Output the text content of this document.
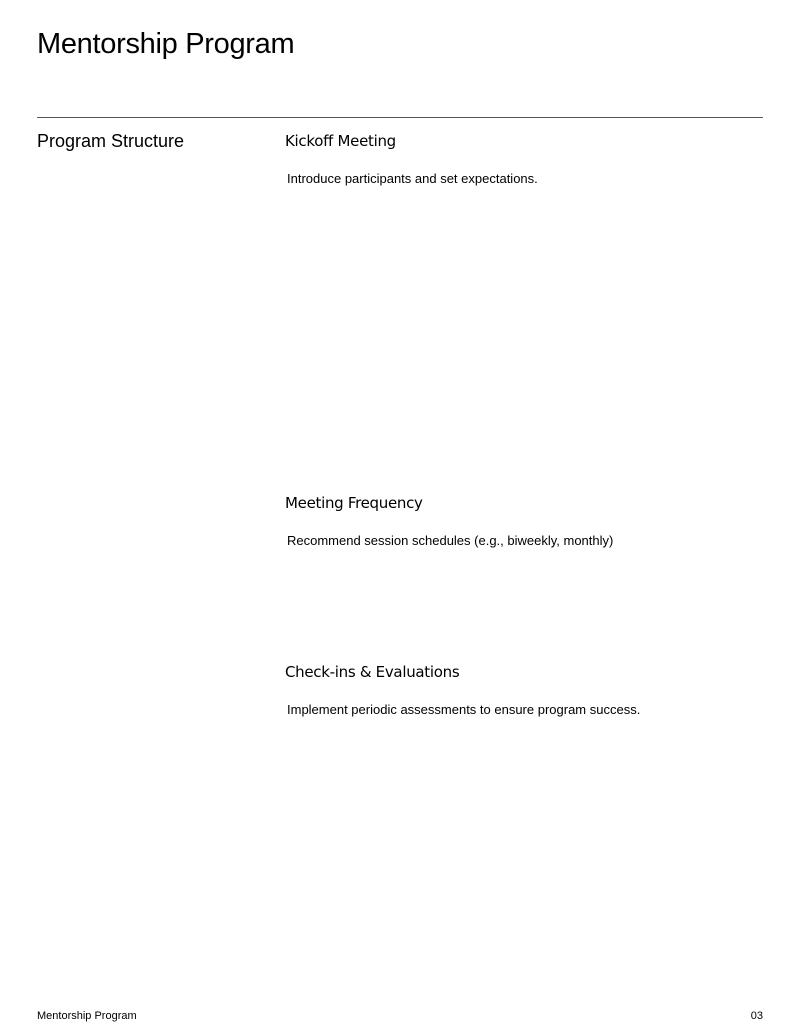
Mentorship Program
Program Structure	Kickoff Meeting
Introduce participants and set expectations.
Meeting Frequency
Recommend session schedules (e.g., biweekly, monthly)
Check-ins & Evaluations
Implement periodic assessments to ensure program success.
Mentorship Program	03
